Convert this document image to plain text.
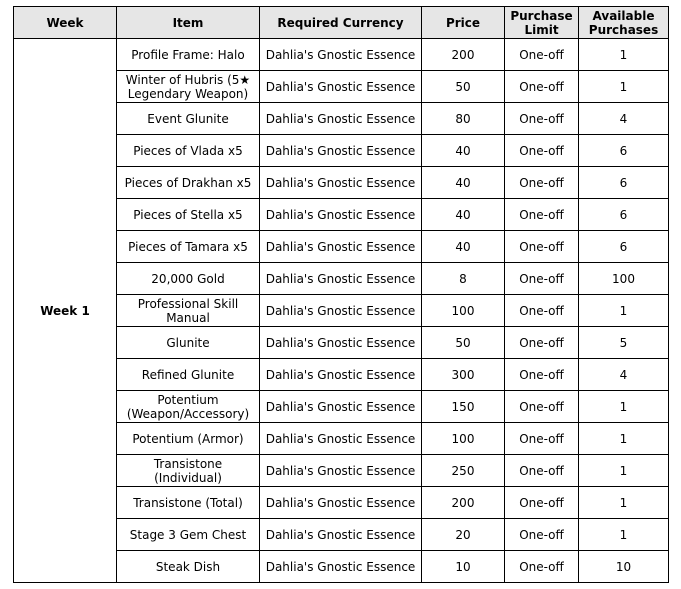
Week	Item	Required Currency	Price	Purchase Limit	Available Purchases
Week 1	Profile Frame: Halo	Dahlia's Gnostic Essence	200	One-off	1
	Winter of Hubris (5★ Legendary Weapon)	Dahlia's Gnostic Essence	50	One-off	1
	Event Glunite	Dahlia's Gnostic Essence	80	One-off	4
	Pieces of Vlada x5	Dahlia's Gnostic Essence	40	One-off	6
	Pieces of Drakhan x5	Dahlia's Gnostic Essence	40	One-off	6
	Pieces of Stella x5	Dahlia's Gnostic Essence	40	One-off	6
	Pieces of Tamara x5	Dahlia's Gnostic Essence	40	One-off	6
	20,000 Gold	Dahlia's Gnostic Essence	8	One-off	100
	Professional Skill Manual	Dahlia's Gnostic Essence	100	One-off	1
	Glunite	Dahlia's Gnostic Essence	50	One-off	5
	Refined Glunite	Dahlia's Gnostic Essence	300	One-off	4
	Potentium (Weapon/Accessory)	Dahlia's Gnostic Essence	150	One-off	1
	Potentium (Armor)	Dahlia's Gnostic Essence	100	One-off	1
	Transistone (Individual)	Dahlia's Gnostic Essence	250	One-off	1
	Transistone (Total)	Dahlia's Gnostic Essence	200	One-off	1
	Stage 3 Gem Chest	Dahlia's Gnostic Essence	20	One-off	1
	Steak Dish	Dahlia's Gnostic Essence	10	One-off	10
